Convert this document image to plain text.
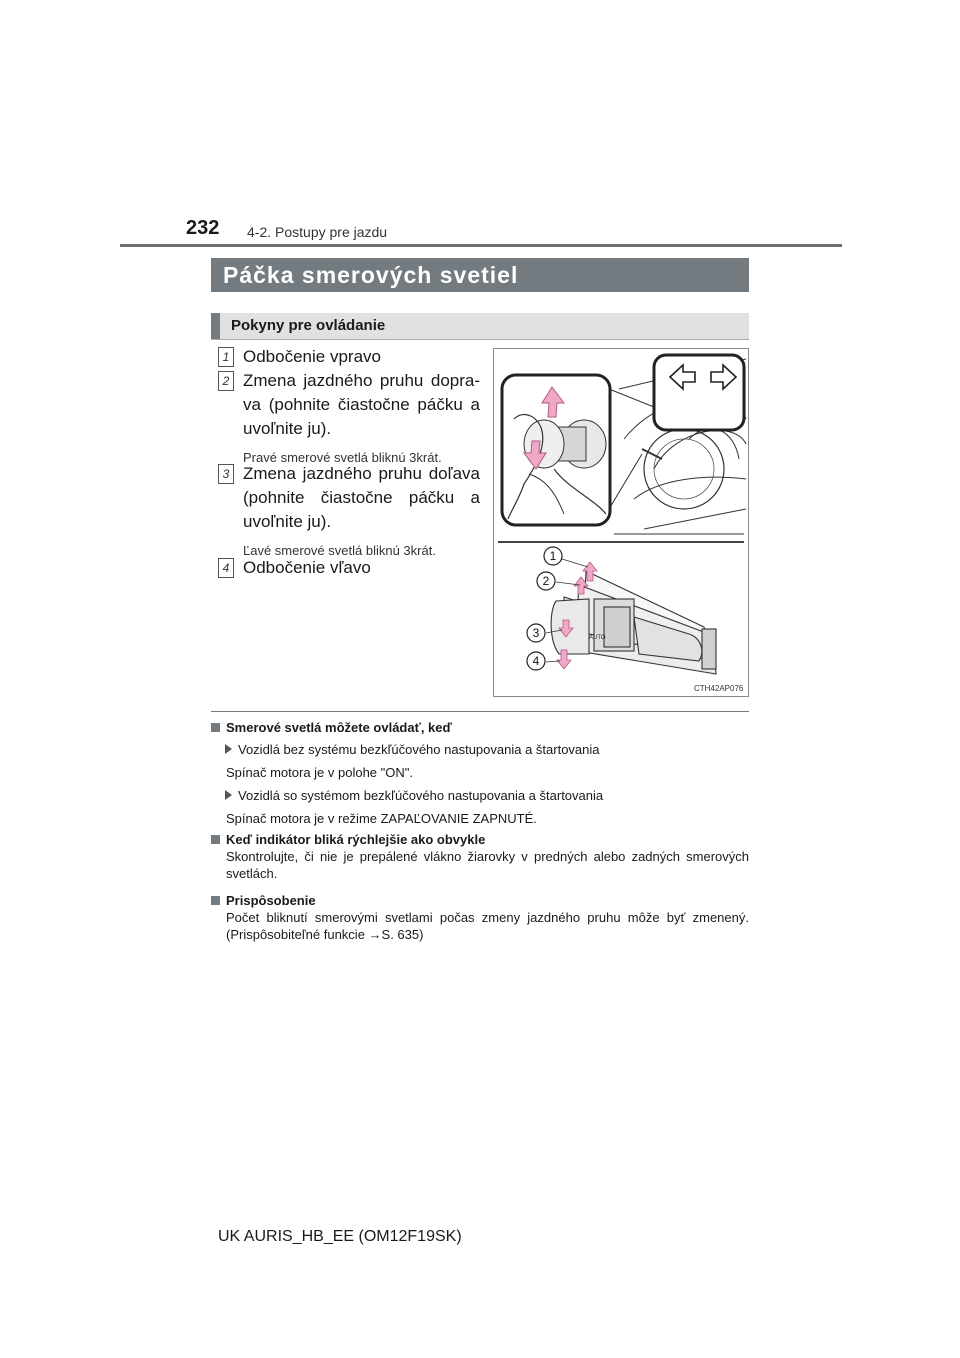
232 4-2. Postupy pre jazdu
Páčka smerových svetiel
Pokyny pre ovládanie
1 Odbočenie vpravo
2 Zmena jazdného pruhu dopra-va (pohnite čiastočne páčku a uvoľnite ju).
Pravé smerové svetlá bliknú 3krát.
3 Zmena jazdného pruhu doľava (pohnite čiastočne páčku a uvoľnite ju).
Ľavé smerové svetlá bliknú 3krát.
4 Odbočenie vľavo
AUTO
1
2
3
4
CTH42AP076
Smerové svetlá môžete ovládať, keď
Vozidlá bez systému bezkľúčového nastupovania a štartovania
Spínač motora je v polohe "ON".
Vozidlá so systémom bezkľúčového nastupovania a štartovania
Spínač motora je v režime ZAPAĽOVANIE ZAPNUTÉ.
Keď indikátor bliká rýchlejšie ako obvykle
Skontrolujte, či nie je prepálené vlákno žiarovky v predných alebo zadných smerových svetlách.
Prispôsobenie
Počet bliknutí smerovými svetlami počas zmeny jazdného pruhu môže byť zmenený. (Prispôsobiteľné funkcie →S. 635)
UK AURIS_HB_EE (OM12F19SK)
